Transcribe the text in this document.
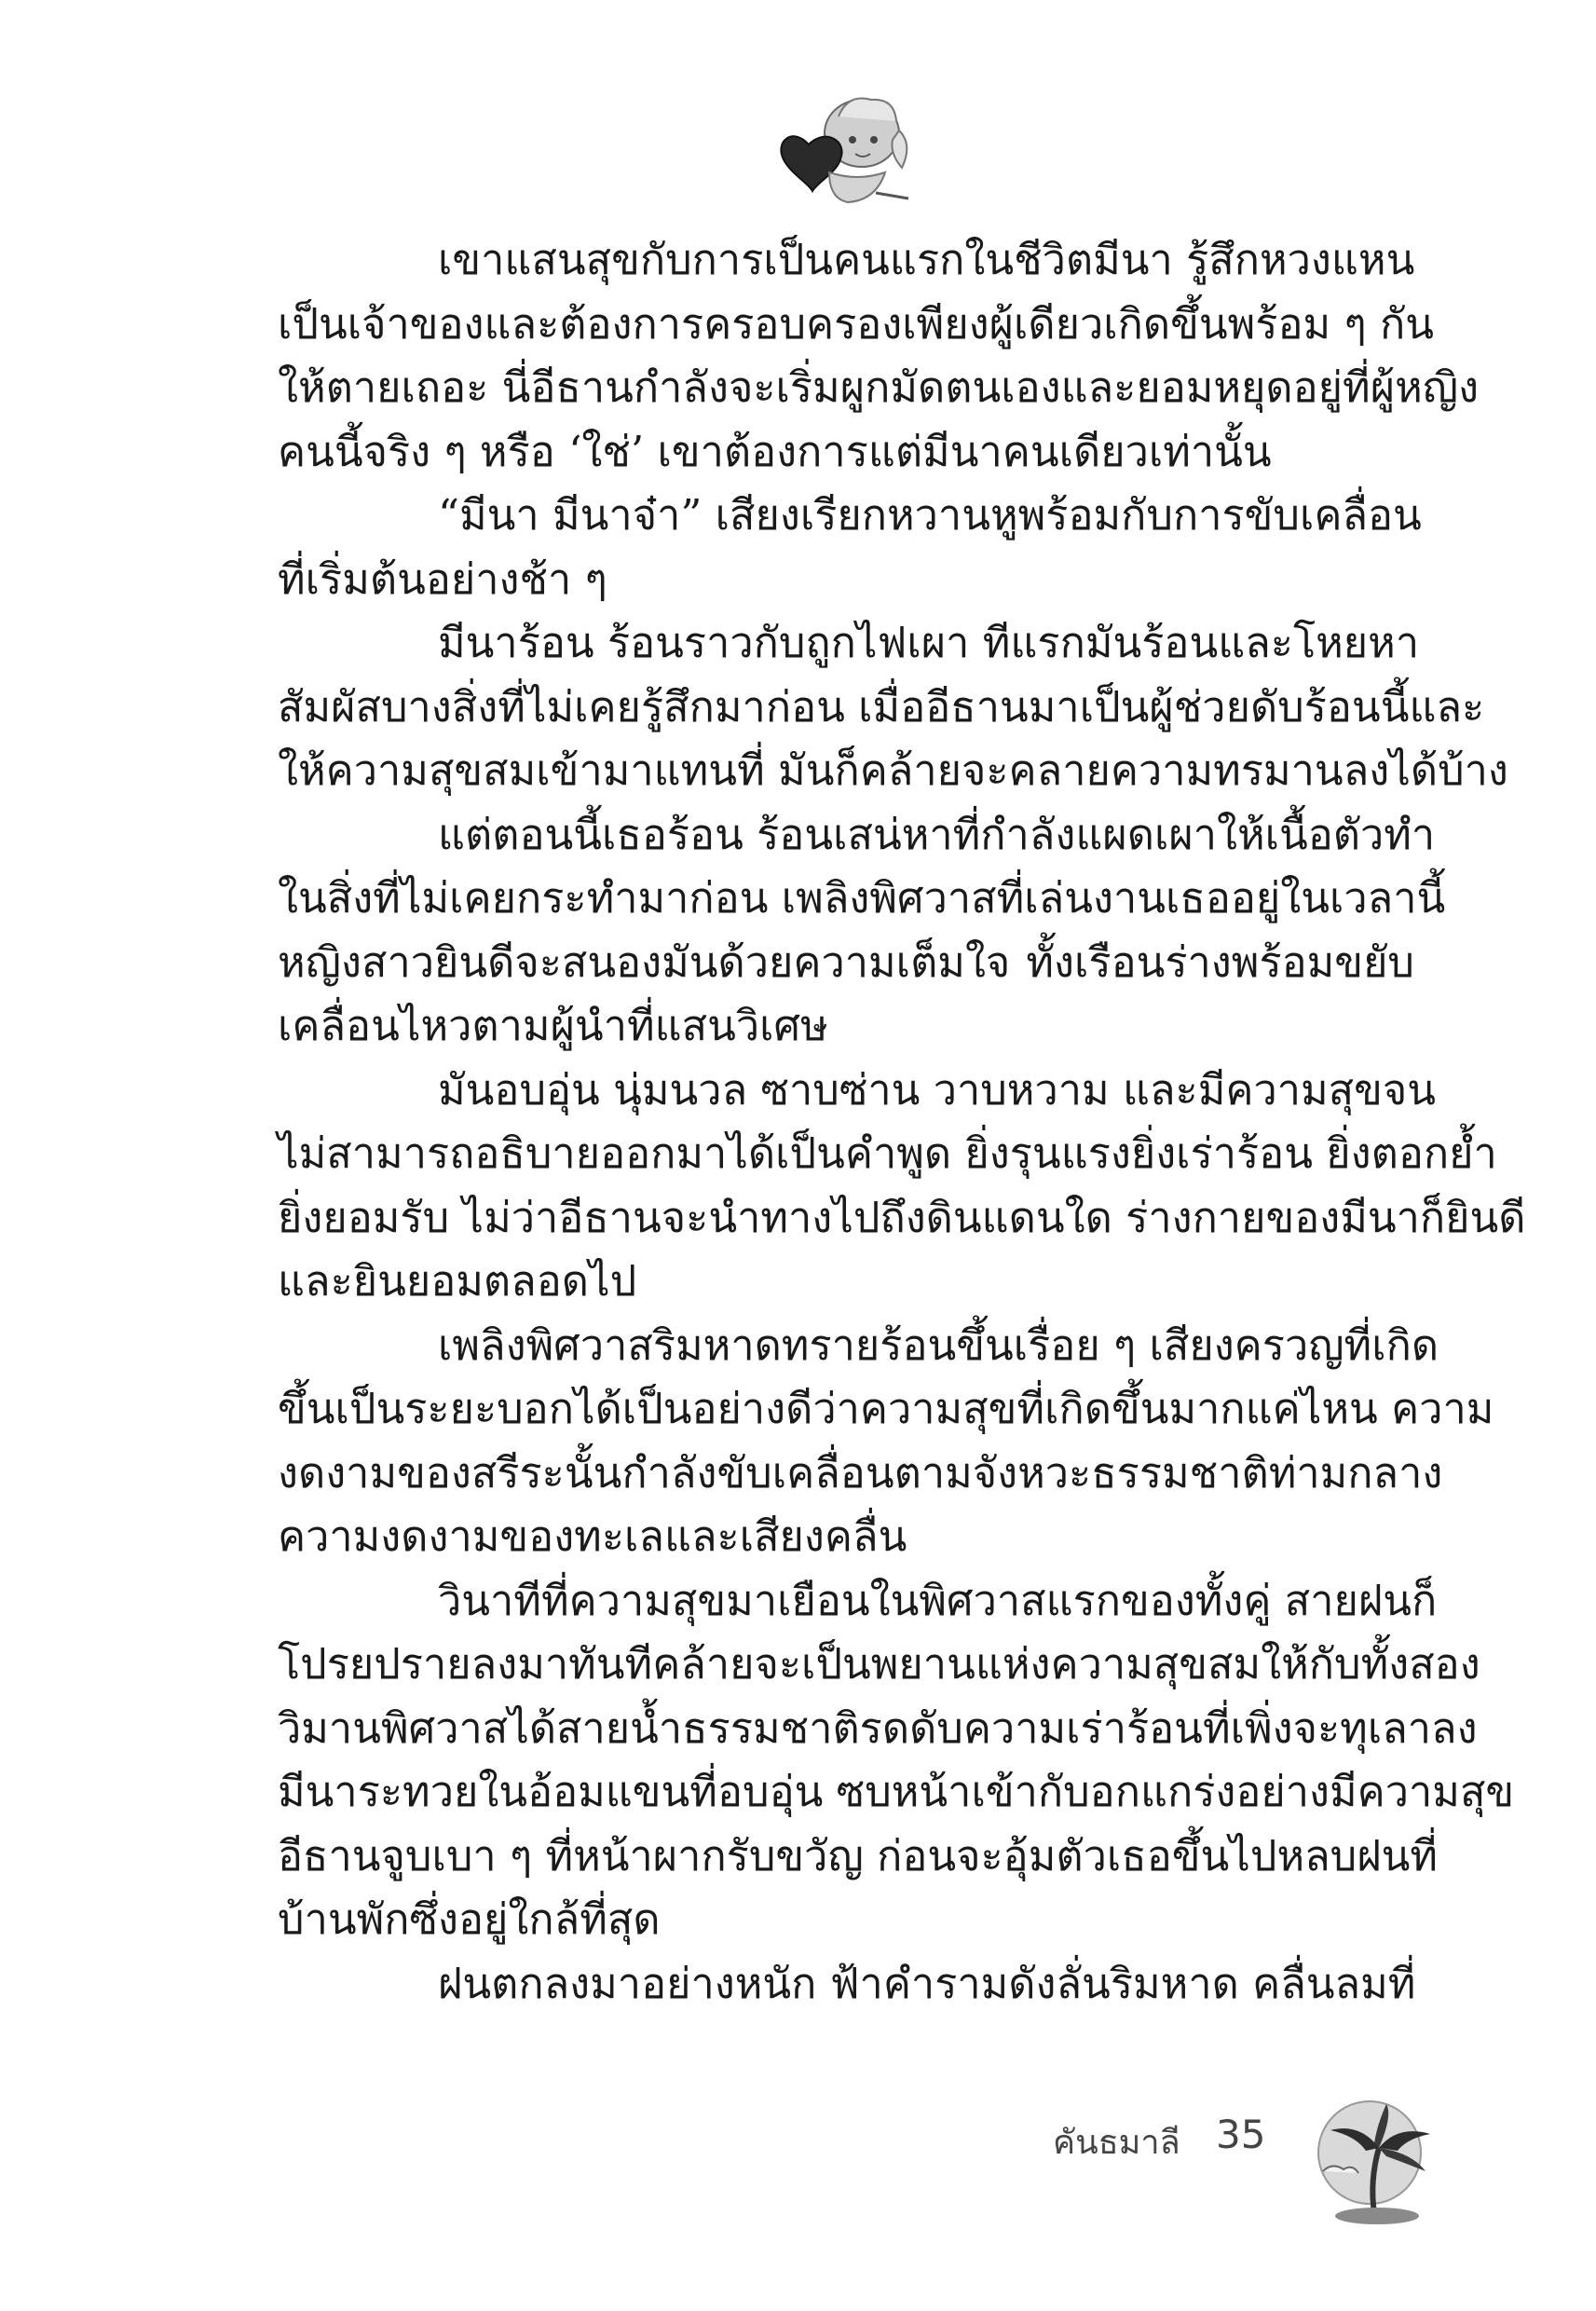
เขาแสนสุขกับการเป็นคนแรกในชีวิตมีนา รู้สึกหวงแหน
เป็นเจ้าของและต้องการครอบครองเพียงผู้เดียวเกิดขึ้นพร้อม ๆ กัน
ให้ตายเถอะ นี่อีธานกำลังจะเริ่มผูกมัดตนเองและยอมหยุดอยู่ที่ผู้หญิง
คนนี้จริง ๆ หรือ ‘ใช่’ เขาต้องการแต่มีนาคนเดียวเท่านั้น
“มีนา มีนาจ๋า” เสียงเรียกหวานหูพร้อมกับการขับเคลื่อน
ที่เริ่มต้นอย่างช้า ๆ
มีนาร้อน ร้อนราวกับถูกไฟเผา ทีแรกมันร้อนและโหยหา
สัมผัสบางสิ่งที่ไม่เคยรู้สึกมาก่อน เมื่ออีธานมาเป็นผู้ช่วยดับร้อนนี้และ
ให้ความสุขสมเข้ามาแทนที่ มันก็คล้ายจะคลายความทรมานลงได้บ้าง
แต่ตอนนี้เธอร้อน ร้อนเสน่หาที่กำลังแผดเผาให้เนื้อตัวทำ
ในสิ่งที่ไม่เคยกระทำมาก่อน เพลิงพิศวาสที่เล่นงานเธออยู่ในเวลานี้
หญิงสาวยินดีจะสนองมันด้วยความเต็มใจ ทั้งเรือนร่างพร้อมขยับ
เคลื่อนไหวตามผู้นำที่แสนวิเศษ
มันอบอุ่น นุ่มนวล ซาบซ่าน วาบหวาม และมีความสุขจน
ไม่สามารถอธิบายออกมาได้เป็นคำพูด ยิ่งรุนแรงยิ่งเร่าร้อน ยิ่งตอกย้ำ
ยิ่งยอมรับ ไม่ว่าอีธานจะนำทางไปถึงดินแดนใด ร่างกายของมีนาก็ยินดี
และยินยอมตลอดไป
เพลิงพิศวาสริมหาดทรายร้อนขึ้นเรื่อย ๆ เสียงครวญที่เกิด
ขึ้นเป็นระยะบอกได้เป็นอย่างดีว่าความสุขที่เกิดขึ้นมากแค่ไหน ความ
งดงามของสรีระนั้นกำลังขับเคลื่อนตามจังหวะธรรมชาติท่ามกลาง
ความงดงามของทะเลและเสียงคลื่น
วินาทีที่ความสุขมาเยือนในพิศวาสแรกของทั้งคู่ สายฝนก็
โปรยปรายลงมาทันทีคล้ายจะเป็นพยานแห่งความสุขสมให้กับทั้งสอง
วิมานพิศวาสได้สายน้ำธรรมชาติรดดับความเร่าร้อนที่เพิ่งจะทุเลาลง
มีนาระทวยในอ้อมแขนที่อบอุ่น ซบหน้าเข้ากับอกแกร่งอย่างมีความสุข
อีธานจูบเบา ๆ ที่หน้าผากรับขวัญ ก่อนจะอุ้มตัวเธอขึ้นไปหลบฝนที่
บ้านพักซึ่งอยู่ใกล้ที่สุด
ฝนตกลงมาอย่างหนัก ฟ้าคำรามดังลั่นริมหาด คลื่นลมที่
คันธมาลี 35
